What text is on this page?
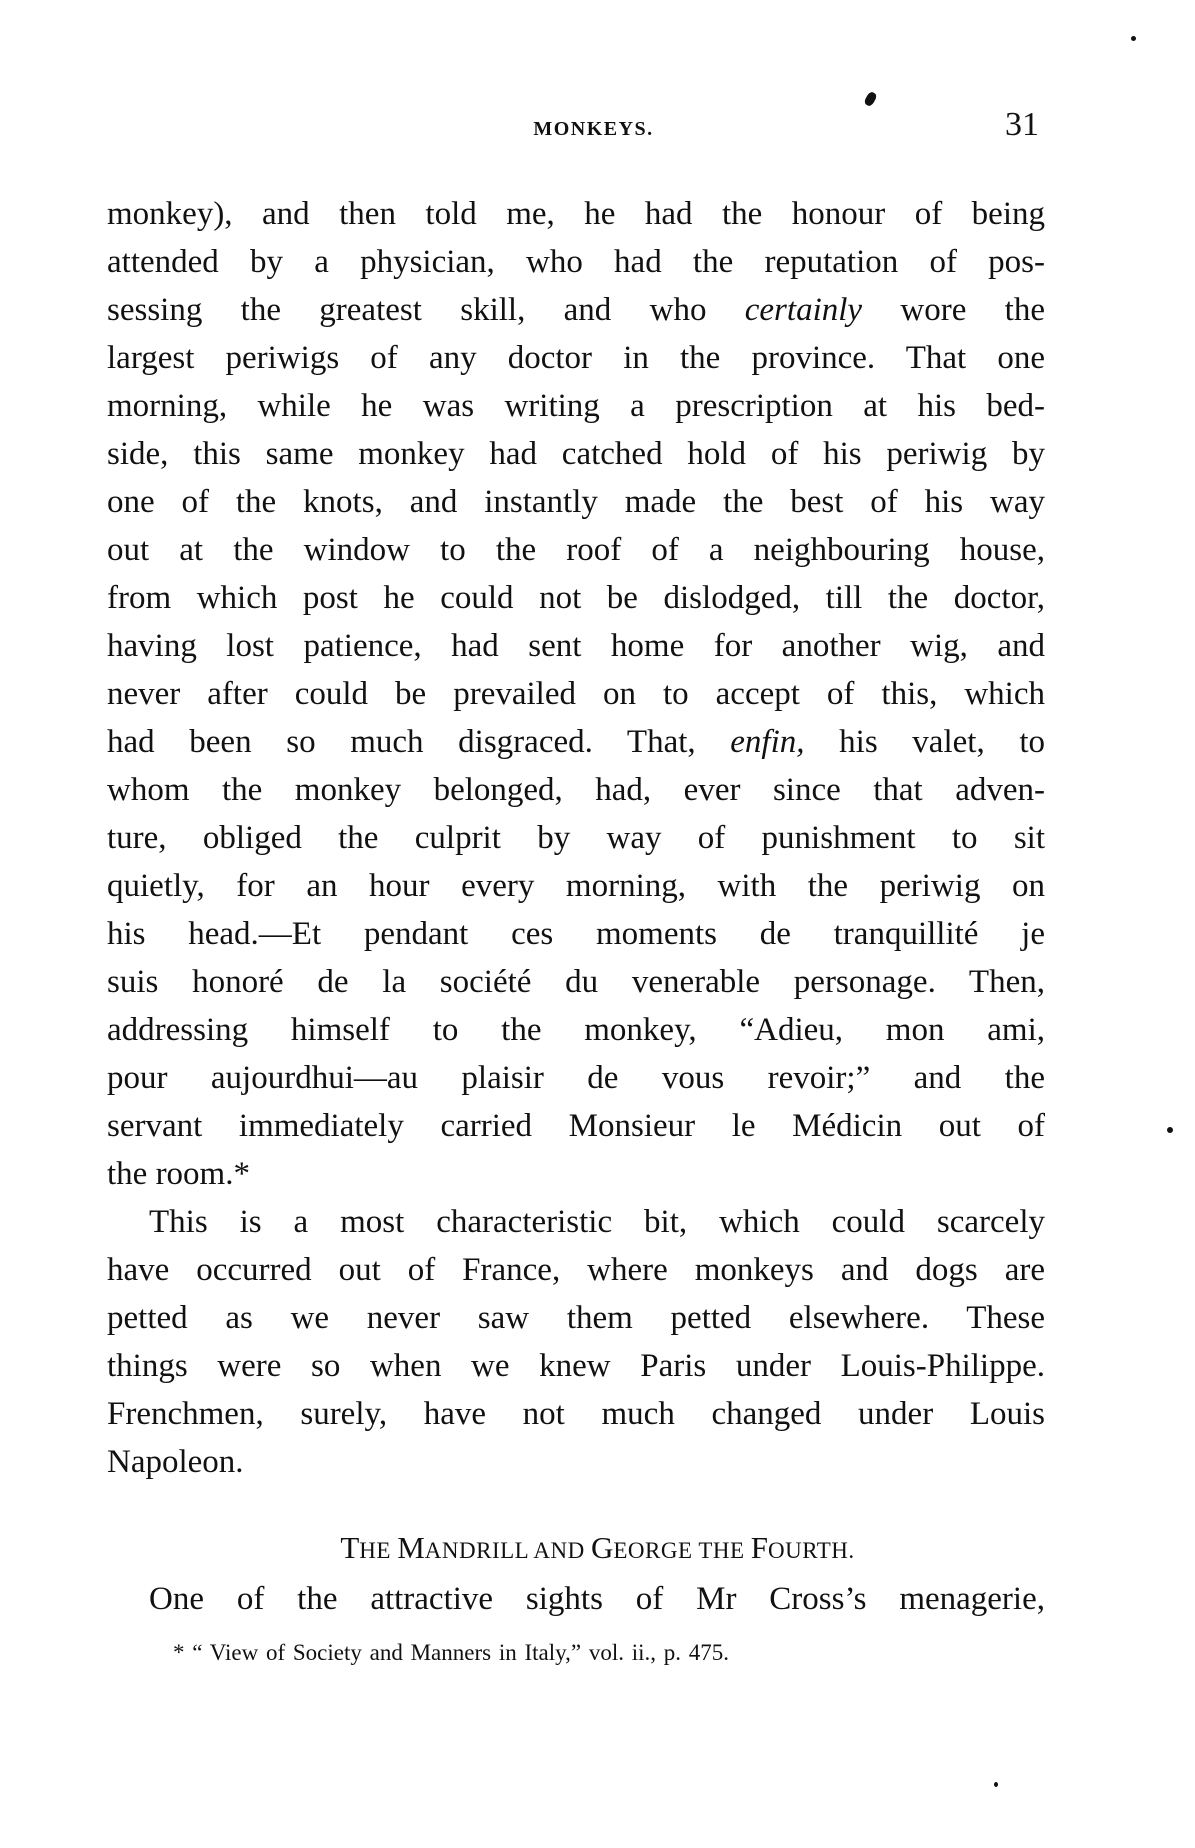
MONKEYS.	31
monkey), and then told me, he had the honour of being
attended by a physician, who had the reputation of pos-
sessing the greatest skill, and who certainly wore the
largest periwigs of any doctor in the province. That one
morning, while he was writing a prescription at his bed-
side, this same monkey had catched hold of his periwig by
one of the knots, and instantly made the best of his way
out at the window to the roof of a neighbouring house,
from which post he could not be dislodged, till the doctor,
having lost patience, had sent home for another wig, and
never after could be prevailed on to accept of this, which
had been so much disgraced. That, enfin, his valet, to
whom the monkey belonged, had, ever since that adven-
ture, obliged the culprit by way of punishment to sit
quietly, for an hour every morning, with the periwig on
his head.—Et pendant ces moments de tranquillité je
suis honoré de la société du venerable personage. Then,
addressing himself to the monkey, “Adieu, mon ami,
pour aujourdhui—au plaisir de vous revoir;” and the
servant immediately carried Monsieur le Médicin out of
the room.*
This is a most characteristic bit, which could scarcely
have occurred out of France, where monkeys and dogs are
petted as we never saw them petted elsewhere. These
things were so when we knew Paris under Louis-Philippe.
Frenchmen, surely, have not much changed under Louis
Napoleon.
THE MANDRILL AND GEORGE THE FOURTH.
One of the attractive sights of Mr Cross’s menagerie,
* “ View of Society and Manners in Italy,” vol. ii., p. 475.
